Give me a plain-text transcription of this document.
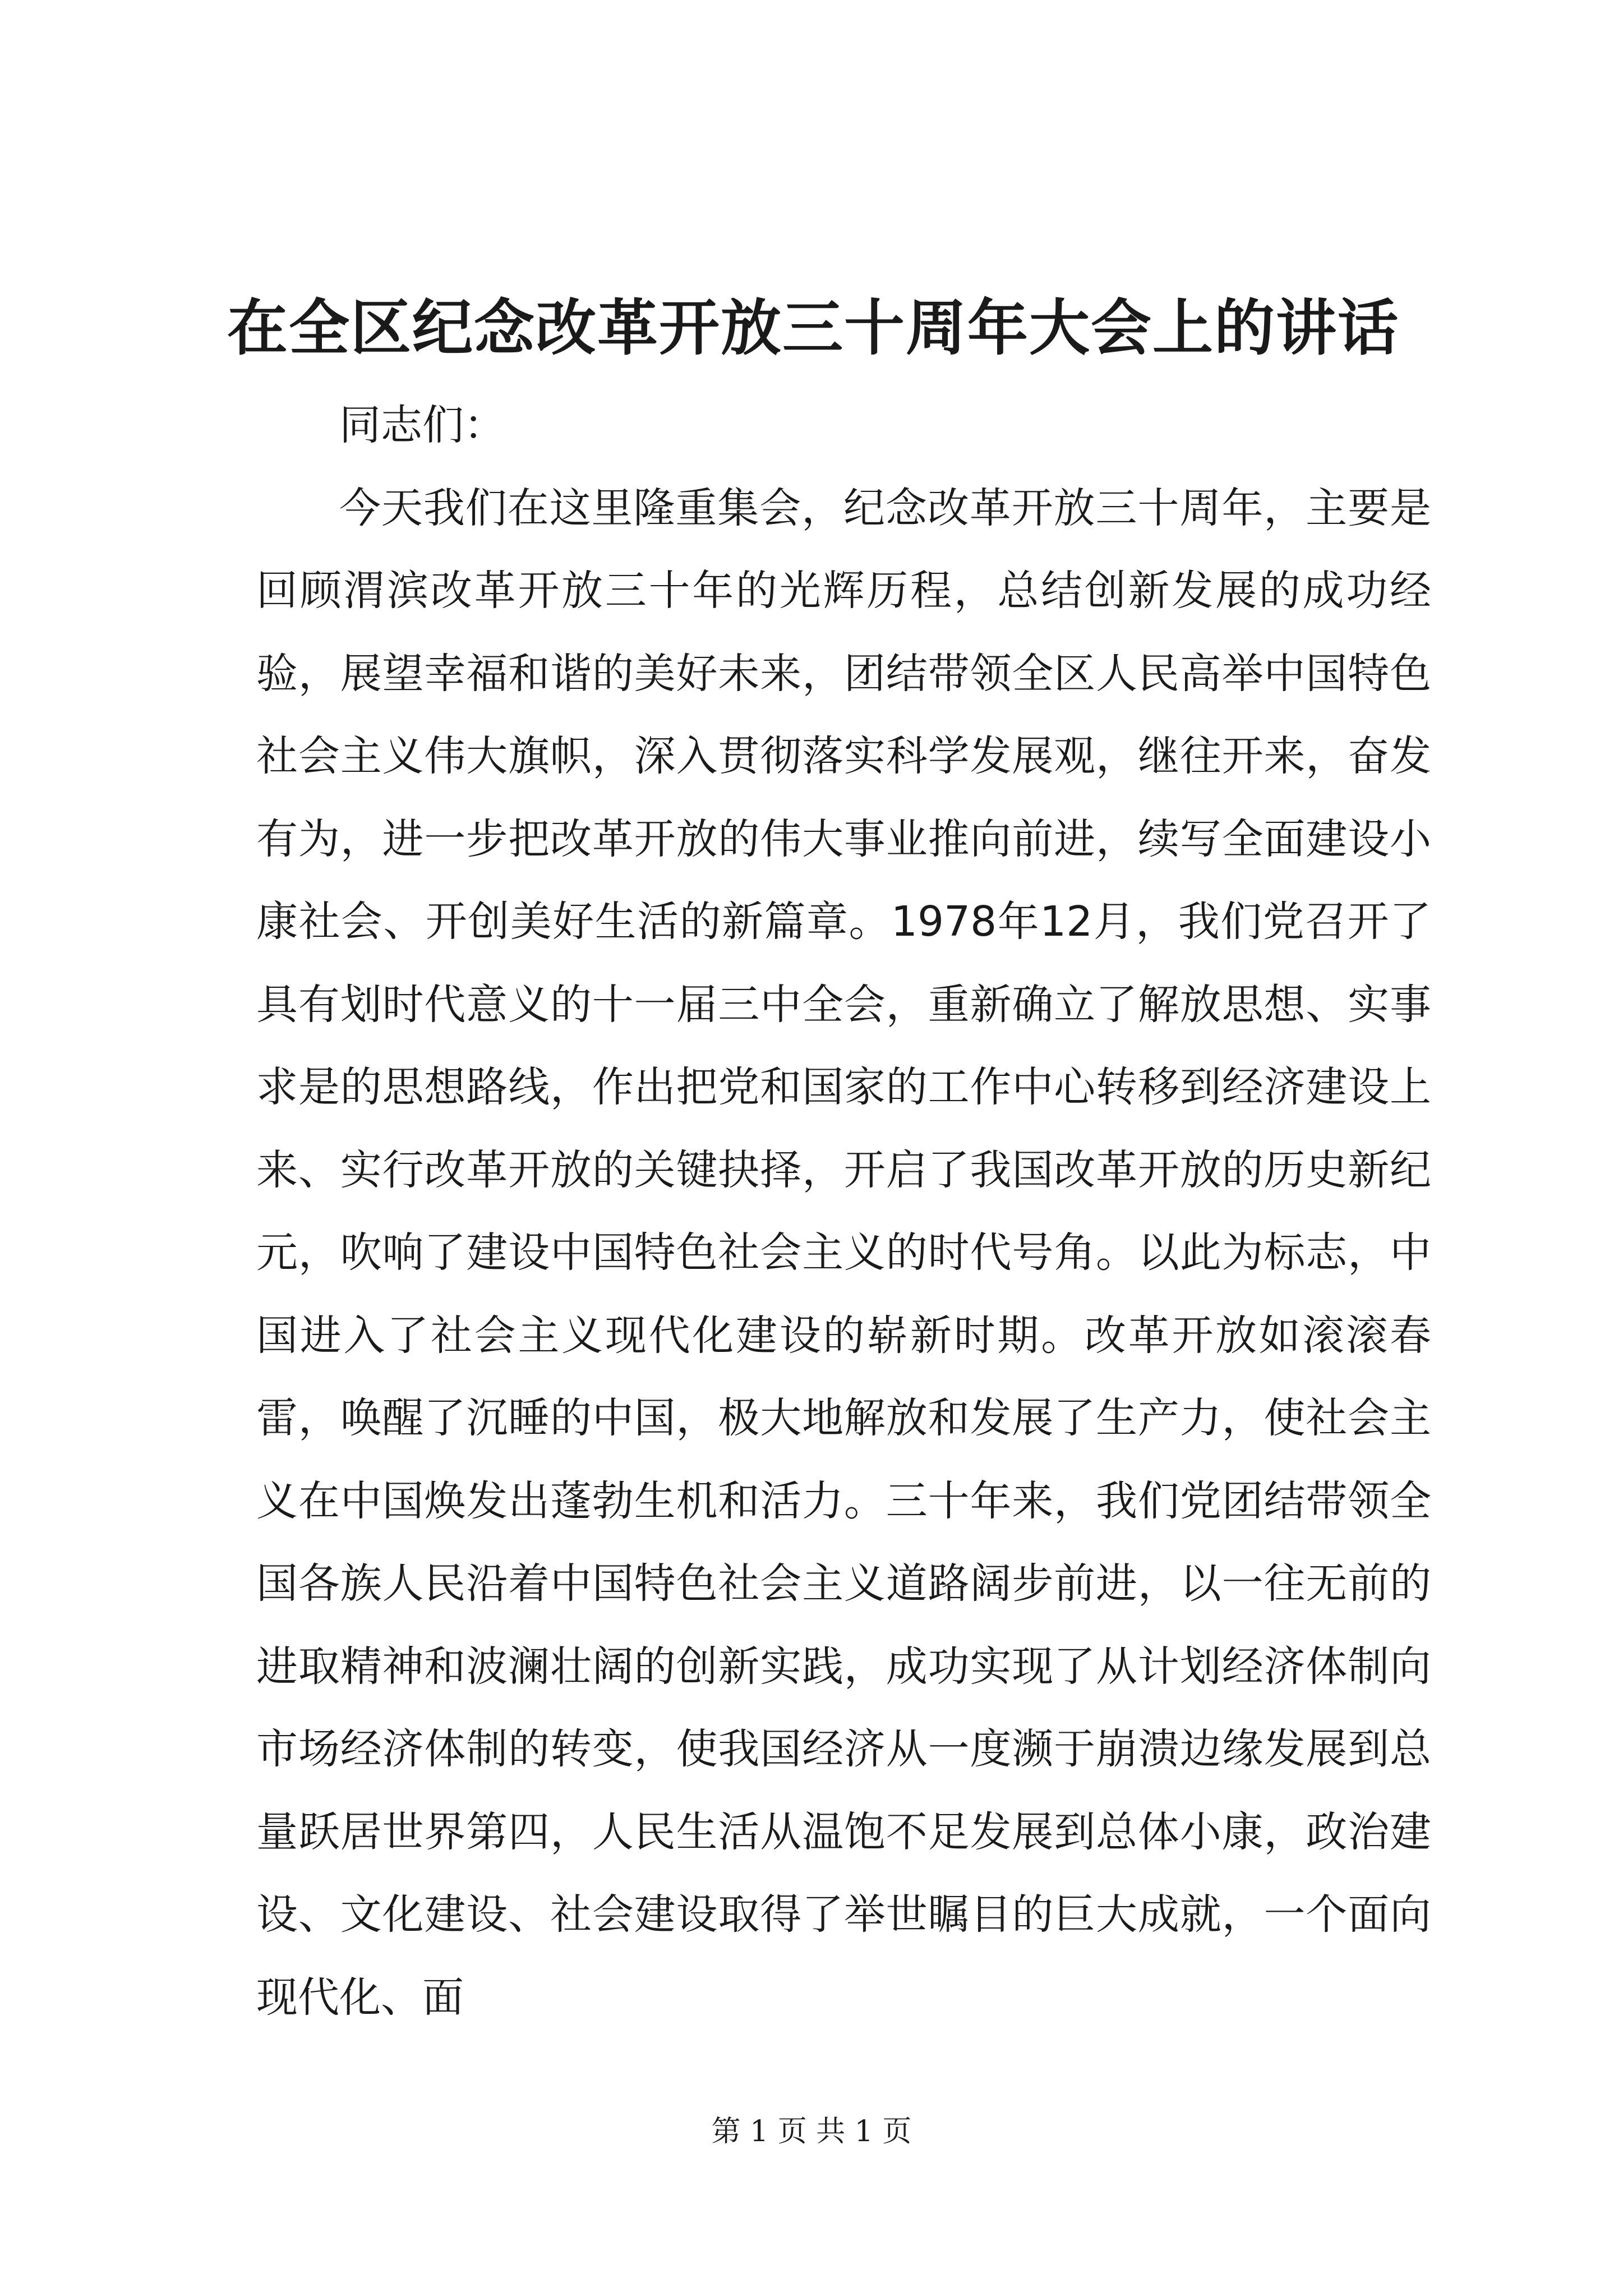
在全区纪念改革开放三十周年大会上的讲话

同志们：

今天我们在这里隆重集会，纪念改革开放三十周年，主要是回顾渭滨改革开放三十年的光辉历程，总结创新发展的成功经验，展望幸福和谐的美好未来，团结带领全区人民高举中国特色社会主义伟大旗帜，深入贯彻落实科学发展观，继往开来，奋发有为，进一步把改革开放的伟大事业推向前进，续写全面建设小康社会、开创美好生活的新篇章。1978年12月，我们党召开了具有划时代意义的十一届三中全会，重新确立了解放思想、实事求是的思想路线，作出把党和国家的工作中心转移到经济建设上来、实行改革开放的关键抉择，开启了我国改革开放的历史新纪元，吹响了建设中国特色社会主义的时代号角。以此为标志，中国进入了社会主义现代化建设的崭新时期。改革开放如滚滚春雷，唤醒了沉睡的中国，极大地解放和发展了生产力，使社会主义在中国焕发出蓬勃生机和活力。三十年来，我们党团结带领全国各族人民沿着中国特色社会主义道路阔步前进，以一往无前的进取精神和波澜壮阔的创新实践，成功实现了从计划经济体制向市场经济体制的转变，使我国经济从一度濒于崩溃边缘发展到总量跃居世界第四，人民生活从温饱不足发展到总体小康，政治建设、文化建设、社会建设取得了举世瞩目的巨大成就，一个面向现代化、面

第 1 页 共 1 页
